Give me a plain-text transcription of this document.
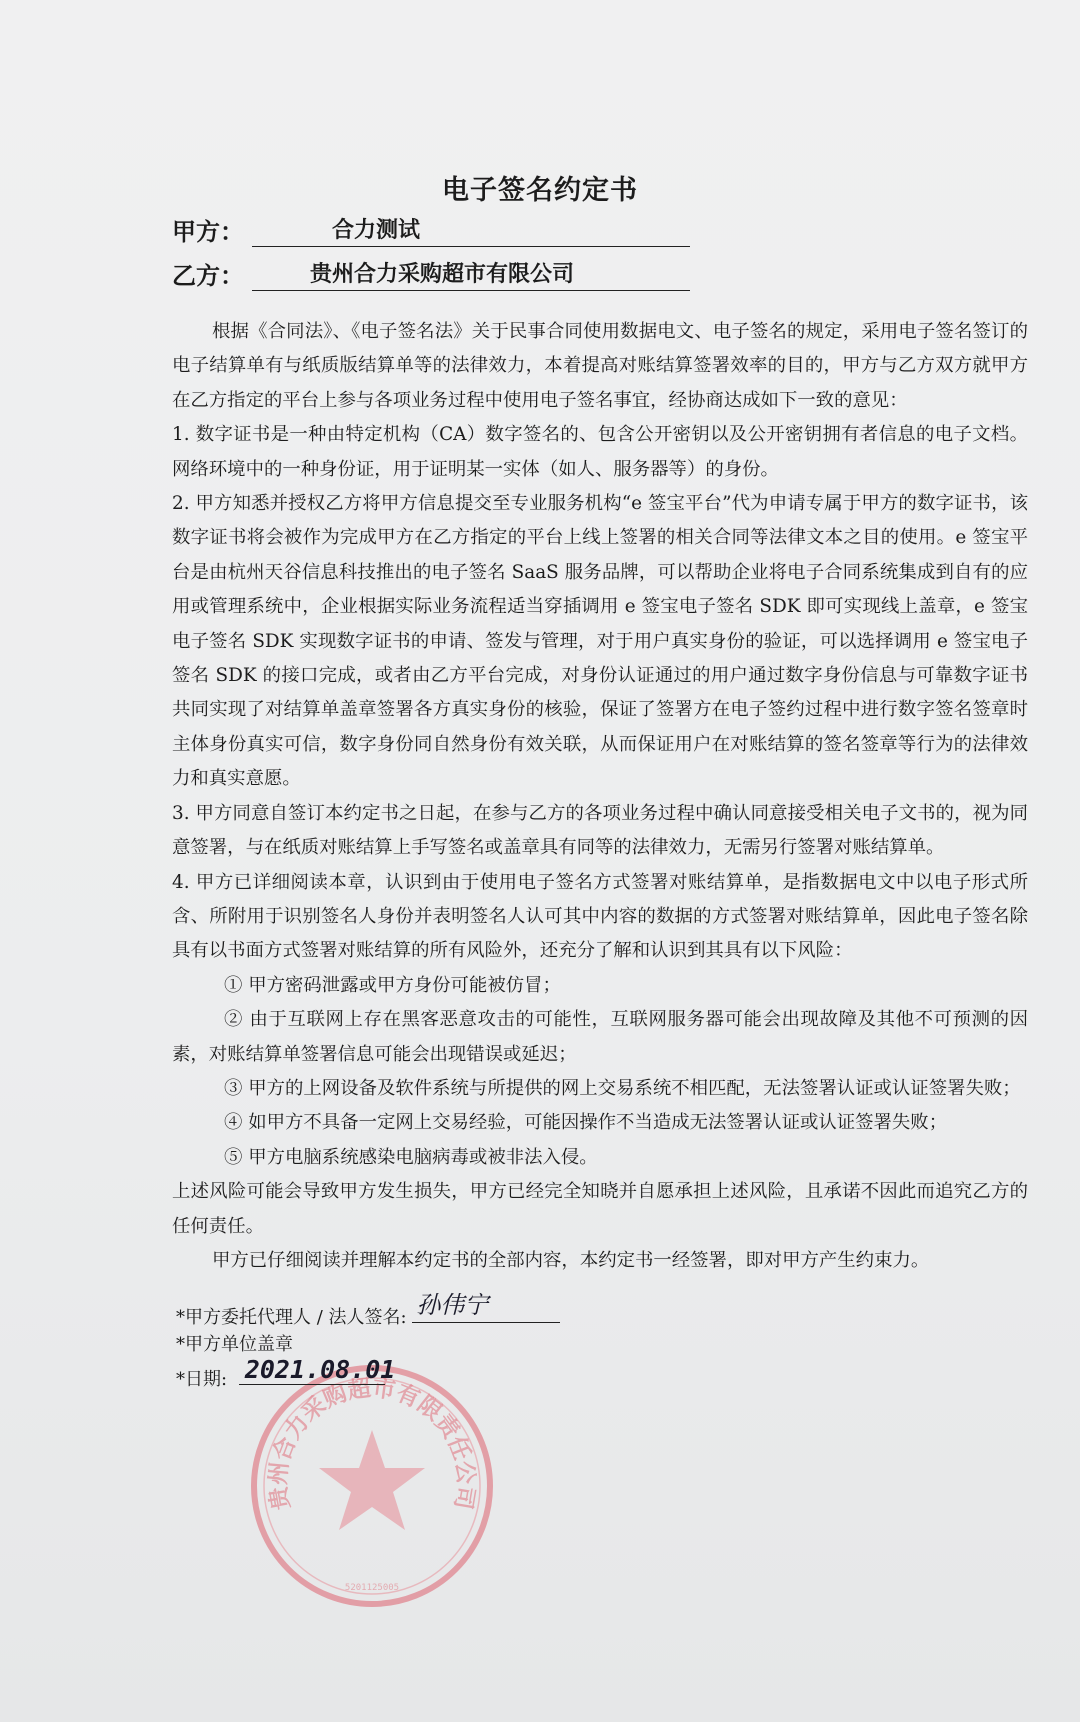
电子签名约定书
甲方：	合力测试
乙方：	贵州合力采购超市有限公司

根据《合同法》、《电子签名法》关于民事合同使用数据电文、电子签名的规定，采用电子签名签订的电子结算单有与纸质版结算单等的法律效力，本着提高对账结算签署效率的目的，甲方与乙方双方就甲方在乙方指定的平台上参与各项业务过程中使用电子签名事宜，经协商达成如下一致的意见：

1. 数字证书是一种由特定机构（CA）数字签名的、包含公开密钥以及公开密钥拥有者信息的电子文档。网络环境中的一种身份证，用于证明某一实体（如人、服务器等）的身份。

2. 甲方知悉并授权乙方将甲方信息提交至专业服务机构“e 签宝平台”代为申请专属于甲方的数字证书，该数字证书将会被作为完成甲方在乙方指定的平台上线上签署的相关合同等法律文本之目的使用。e 签宝平台是由杭州天谷信息科技推出的电子签名 SaaS 服务品牌，可以帮助企业将电子合同系统集成到自有的应用或管理系统中，企业根据实际业务流程适当穿插调用 e 签宝电子签名 SDK 即可实现线上盖章，e 签宝电子签名 SDK 实现数字证书的申请、签发与管理，对于用户真实身份的验证，可以选择调用 e 签宝电子签名 SDK 的接口完成，或者由乙方平台完成，对身份认证通过的用户通过数字身份信息与可靠数字证书共同实现了对结算单盖章签署各方真实身份的核验，保证了签署方在电子签约过程中进行数字签名签章时主体身份真实可信，数字身份同自然身份有效关联，从而保证用户在对账结算的签名签章等行为的法律效力和真实意愿。

3. 甲方同意自签订本约定书之日起，在参与乙方的各项业务过程中确认同意接受相关电子文书的，视为同意签署，与在纸质对账结算上手写签名或盖章具有同等的法律效力，无需另行签署对账结算单。

4. 甲方已详细阅读本章，认识到由于使用电子签名方式签署对账结算单，是指数据电文中以电子形式所含、所附用于识别签名人身份并表明签名人认可其中内容的数据的方式签署对账结算单，因此电子签名除具有以书面方式签署对账结算的所有风险外，还充分了解和认识到其具有以下风险：

① 甲方密码泄露或甲方身份可能被仿冒；

② 由于互联网上存在黑客恶意攻击的可能性，互联网服务器可能会出现故障及其他不可预测的因素，对账结算单签署信息可能会出现错误或延迟；

③ 甲方的上网设备及软件系统与所提供的网上交易系统不相匹配，无法签署认证或认证签署失败；

④ 如甲方不具备一定网上交易经验，可能因操作不当造成无法签署认证或认证签署失败；

⑤ 甲方电脑系统感染电脑病毒或被非法入侵。

上述风险可能会导致甲方发生损失，甲方已经完全知晓并自愿承担上述风险，且承诺不因此而追究乙方的任何责任。

甲方已仔细阅读并理解本约定书的全部内容，本约定书一经签署，即对甲方产生约束力。

贵州合力采购超市有限责任公司
5201125005
*甲方委托代理人 / 法人签名: 孙伟宁
*甲方单位盖章
*日期: 2021.08.01
